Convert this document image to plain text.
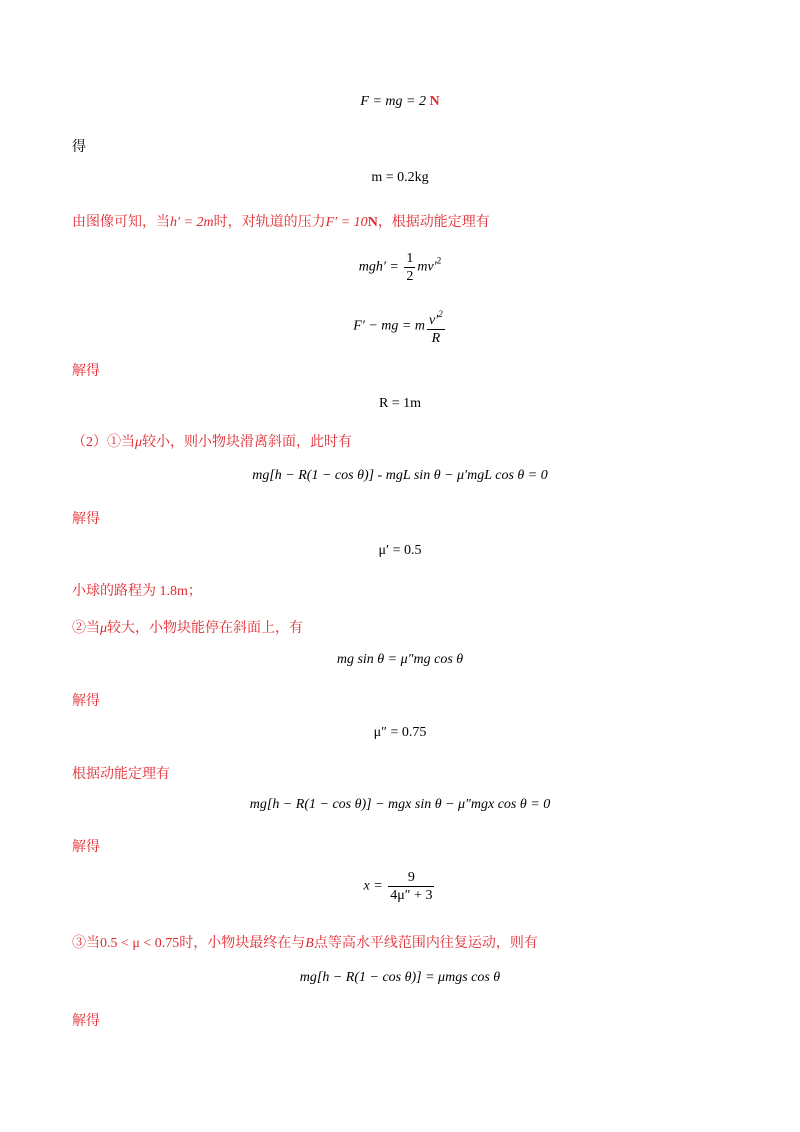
F = mg = 2 N
得
m = 0.2kg
由图像可知，当h′ = 2m时，对轨道的压力F′ = 10N，根据动能定理有
$mgh' = \frac{1}{2} mv'^2$
F′ − mg = m $\frac{v'^2}{R}$
解得
R = 1m
（2）①当μ较小，则小物块滑离斜面，此时有
mg[h − R(1 − cos θ)] - mgL sin θ − μ′mgL cos θ = 0
解得
μ′ = 0.5
小球的路程为 1.8m；
②当μ较大，小物块能停在斜面上，有
mg sin θ = μ″mg cos θ
解得
μ″ = 0.75
根据动能定理有
mg[h − R(1 − cos θ)] − mgx sin θ − μ″mgx cos θ = 0
解得
$x = \frac{9}{4\mu'' + 3}$
③当0.5 < μ < 0.75时，小物块最终在与B点等高水平线范围内往复运动，则有
mg[h − R(1 − cos θ)] = μmgs cos θ
解得
